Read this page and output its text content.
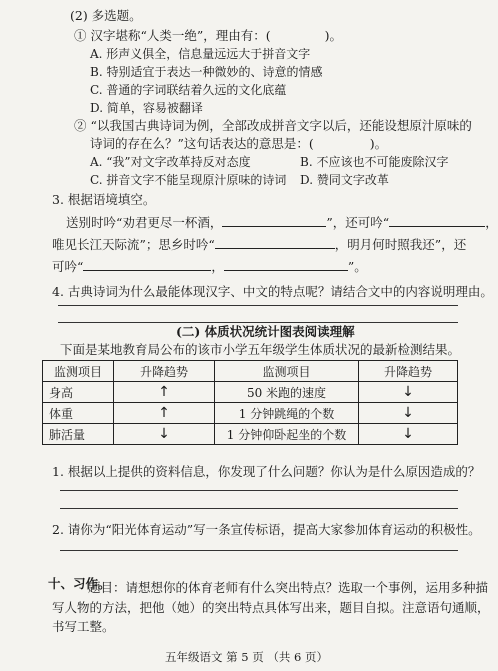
(2) 多选题。
① 汉字堪称“人类一绝”，理由有：(	)。
A. 形声义俱全，信息量远远大于拼音文字
B. 特别适宜于表达一种微妙的、诗意的情感
C. 普通的字词联结着久远的文化底蕴
D. 简单，容易被翻译
② “以我国古典诗词为例，全部改成拼音文字以后，还能设想原汁原味的
诗词的存在么？”这句话表达的意思是：(	)。
A. “我”对文字改革持反对态度	B. 不应该也不可能废除汉字
C. 拼音文字不能呈现原汁原味的诗词 D. 赞同文字改革
3. 根据语境填空。
送别时吟“劝君更尽一杯酒，	”，还可吟“	，
唯见长江天际流”；思乡时吟“	，明月何时照我还”，还
可吟“	，	”。
4. 古典诗词为什么最能体现汉字、中文的特点呢？请结合文中的内容说明理由。
(二) 体质状况统计图表阅读理解
下面是某地教育局公布的该市小学五年级学生体质状况的最新检测结果。
监测项目	升降趋势	监测项目	升降趋势
身高	↑	50 米跑的速度	↓
体重	↑	1 分钟跳绳的个数	↓
肺活量	↓	1 分钟仰卧起坐的个数	↓
1. 根据以上提供的资料信息，你发现了什么问题？你认为是什么原因造成的？
2. 请你为“阳光体育运动”写一条宣传标语，提高大家参加体育运动的积极性。
十、习作。
题目：请想想你的体育老师有什么突出特点？选取一个事例，运用多种描
写人物的方法，把他（她）的突出特点具体写出来，题目自拟。注意语句通顺，
书写工整。
五年级语文 第 5 页 （共 6 页）
